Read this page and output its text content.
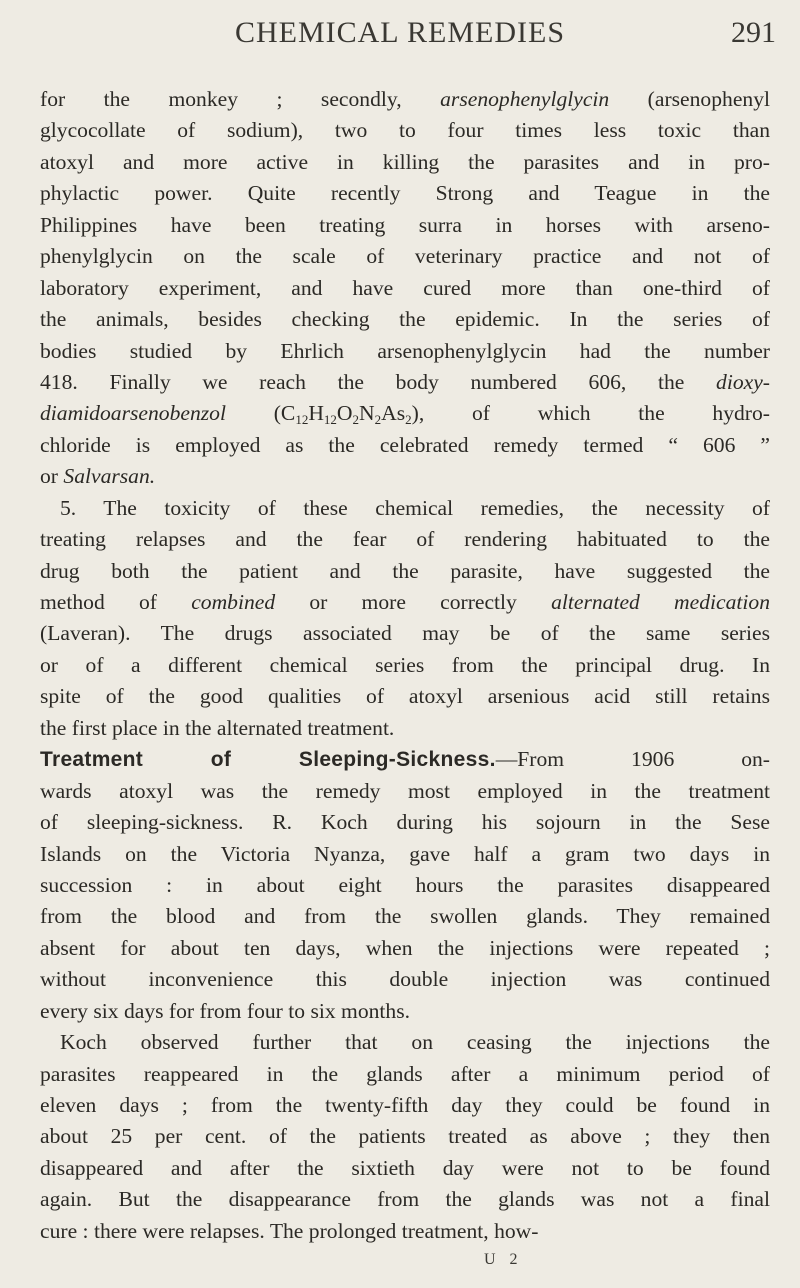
CHEMICAL REMEDIES	291
for the monkey ; secondly, arsenophenylglycin (arsenophenyl
glycocollate of sodium), two to four times less toxic than
atoxyl and more active in killing the parasites and in pro-
phylactic power. Quite recently Strong and Teague in the
Philippines have been treating surra in horses with arseno-
phenylglycin on the scale of veterinary practice and not of
laboratory experiment, and have cured more than one-third of
the animals, besides checking the epidemic. In the series of
bodies studied by Ehrlich arsenophenylglycin had the number
418. Finally we reach the body numbered 606, the dioxy-
diamidoarsenobenzol $(C_{12}H_{12}O_2N_2As_2)$, of which the hydro-
chloride is employed as the celebrated remedy termed “ 606 ”
or Salvarsan.
5. The toxicity of these chemical remedies, the necessity of
treating relapses and the fear of rendering habituated to the
drug both the patient and the parasite, have suggested the
method of combined or more correctly alternated medication
(Laveran). The drugs associated may be of the same series
or of a different chemical series from the principal drug. In
spite of the good qualities of atoxyl arsenious acid still retains
the first place in the alternated treatment.
Treatment of Sleeping-Sickness.—From 1906 on-
wards atoxyl was the remedy most employed in the treatment
of sleeping-sickness. R. Koch during his sojourn in the Sese
Islands on the Victoria Nyanza, gave half a gram two days in
succession : in about eight hours the parasites disappeared
from the blood and from the swollen glands. They remained
absent for about ten days, when the injections were repeated ;
without inconvenience this double injection was continued
every six days for from four to six months.
Koch observed further that on ceasing the injections the
parasites reappeared in the glands after a minimum period of
eleven days ; from the twenty-fifth day they could be found in
about 25 per cent. of the patients treated as above ; they then
disappeared and after the sixtieth day were not to be found
again. But the disappearance from the glands was not a final
cure : there were relapses. The prolonged treatment, how-
U 2
